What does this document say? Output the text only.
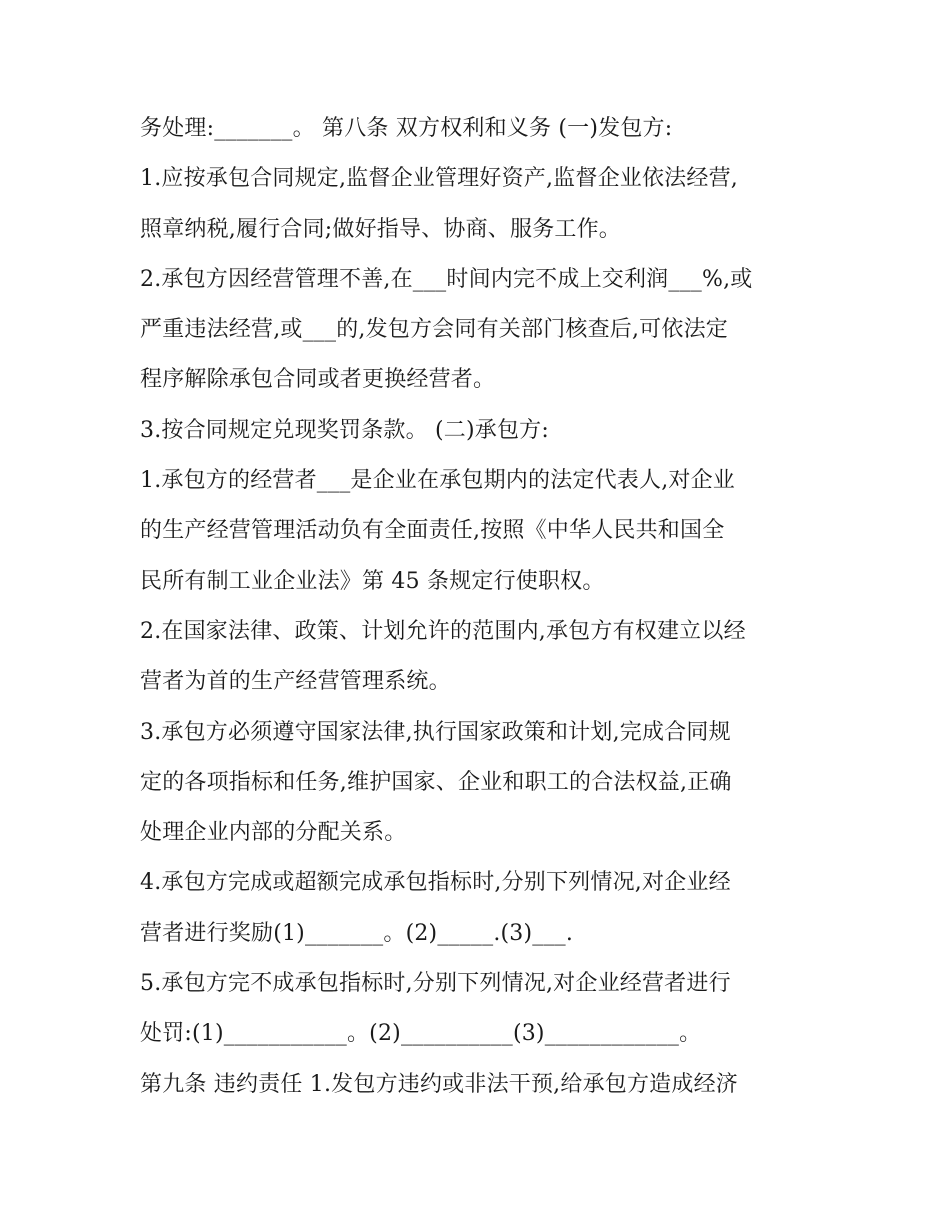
务处理:_______。 第八条 双方权利和义务 (一)发包方:
1.应按承包合同规定,监督企业管理好资产,监督企业依法经营,
照章纳税,履行合同;做好指导、协商、服务工作。
2.承包方因经营管理不善,在___时间内完不成上交利润___%,或
严重违法经营,或___的,发包方会同有关部门核查后,可依法定
程序解除承包合同或者更换经营者。
3.按合同规定兑现奖罚条款。 (二)承包方:
1.承包方的经营者___是企业在承包期内的法定代表人,对企业
的生产经营管理活动负有全面责任,按照《中华人民共和国全
民所有制工业企业法》第 45 条规定行使职权。
2.在国家法律、政策、计划允许的范围内,承包方有权建立以经
营者为首的生产经营管理系统。
3.承包方必须遵守国家法律,执行国家政策和计划,完成合同规
定的各项指标和任务,维护国家、企业和职工的合法权益,正确
处理企业内部的分配关系。
4.承包方完成或超额完成承包指标时,分别下列情况,对企业经
营者进行奖励(1)_______。(2)_____.(3)___.
5.承包方完不成承包指标时,分别下列情况,对企业经营者进行
处罚:(1)___________。(2)__________(3)____________。
第九条 违约责任 1.发包方违约或非法干预,给承包方造成经济
